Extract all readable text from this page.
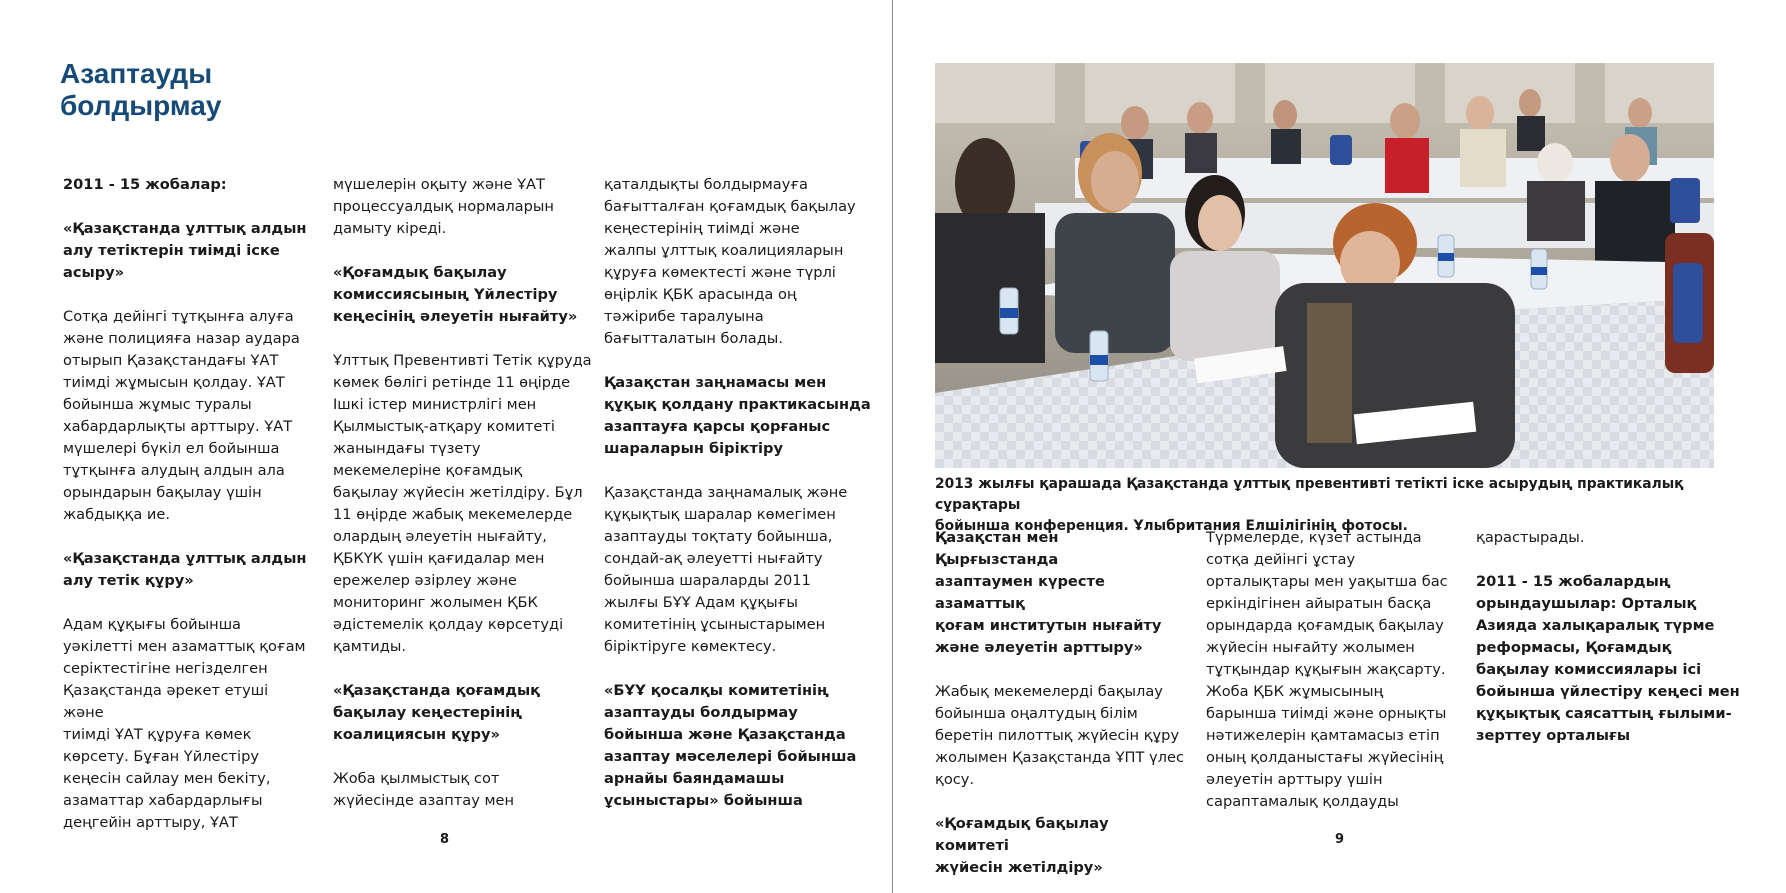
Азаптауды
болдырмау

2011 - 15 жобалар:

«Қазақстанда ұлттық алдын
алу тетіктерін тиімді іске
асыру»

Сотқа дейінгі тұтқынға алуға
және полицияға назар аудара
отырып Қазақстандағы ҰАТ
тиімді жұмысын қолдау. ҰАТ
бойынша жұмыс туралы
хабардарлықты арттыру. ҰАТ
мүшелері бүкіл ел бойынша
тұтқынға алудың алдын ала
орындарын бақылау үшін
жабдыққа ие.

«Қазақстанда ұлттық алдын
алу тетік құру»

Адам құқығы бойынша
уәкілетті мен азаматтық қоғам
серіктестігіне негізделген
Қазақстанда әрекет етуші және
тиімді ҰАТ құруға көмек
көрсету. Бұған Үйлестіру
кеңесін сайлау мен бекіту,
азаматтар хабардарлығы
деңгейін арттыру, ҰАТ

мүшелерін оқыту және ҰАТ
процессуалдық нормаларын
дамыту кіреді.

«Қоғамдық бақылау
комиссиясының Үйлестіру
кеңесінің әлеуетін нығайту»

Ұлттық Превентивті Тетік құруда
көмек бөлігі ретінде 11 өңірде
Ішкі істер министрлігі мен
Қылмыстық-атқару комитеті
жанындағы түзету
мекемелеріне қоғамдық
бақылау жүйесін жетілдіру. Бұл
11 өңірде жабық мекемелерде
олардың әлеуетін нығайту,
ҚБКҮК үшін қағидалар мен
ережелер әзірлеу және
мониторинг жолымен ҚБК
әдістемелік қолдау көрсетуді
қамтиды.

«Қазақстанда қоғамдық
бақылау кеңестерінің
коалициясын құру»

Жоба қылмыстық сот
жүйесінде азаптау мен

қаталдықты болдырмауға
бағытталған қоғамдық бақылау
кеңестерінің тиімді және
жалпы ұлттық коалицияларын
құруға көмектесті және түрлі
өңірлік ҚБК арасында оң
тәжірибе таралуына
бағытталатын болады.

Қазақстан заңнамасы мен
құқық қолдану практикасында
азаптауға қарсы қорғаныс
шараларын біріктіру

Қазақстанда заңнамалық және
құқықтық шаралар көмегімен
азаптауды тоқтату бойынша,
сондай-ақ әлеуетті нығайту
бойынша шараларды 2011
жылғы БҰҰ Адам құқығы
комитетінің ұсыныстарымен
біріктіруге көмектесу.

«БҰҰ қосалқы комитетінің
азаптауды болдырмау
бойынша және Қазақстанда
азаптау мәселелері бойынша
арнайы баяндамашы
ұсыныстары» бойынша

8

2013 жылғы қарашада Қазақстанда ұлттық превентивті тетікті іске асырудың практикалық сұрақтары
бойынша конференция. Ұлыбритания Елшілігінің фотосы.

Қазақстан мен Қырғызстанда
азаптаумен күресте азаматтық
қоғам институтын нығайту
және әлеуетін арттыру»

Жабық мекемелерді бақылау
бойынша оңалтудың білім
беретін пилоттық жүйесін құру
жолымен Қазақстанда ҰПТ үлес
қосу.

«Қоғамдық бақылау комитеті
жүйесін жетілдіру»

Түрмелерде, күзет астында
сотқа дейінгі ұстау
орталықтары мен уақытша бас
еркіндігінен айыратын басқа
орындарда қоғамдық бақылау
жүйесін нығайту жолымен
тұтқындар құқығын жақсарту.
Жоба ҚБК жұмысының
барынша тиімді және орнықты
нәтижелерін қамтамасыз етіп
оның қолданыстағы жүйесінің
әлеуетін арттыру үшін
сараптамалық қолдауды

қарастырады.

2011 - 15 жобалардың
орындаушылар: Орталық
Азияда халықаралық түрме
реформасы, Қоғамдық
бақылау комиссиялары ісі
бойынша үйлестіру кеңесі мен
құқықтық саясаттың ғылыми-
зерттеу орталығы

9
